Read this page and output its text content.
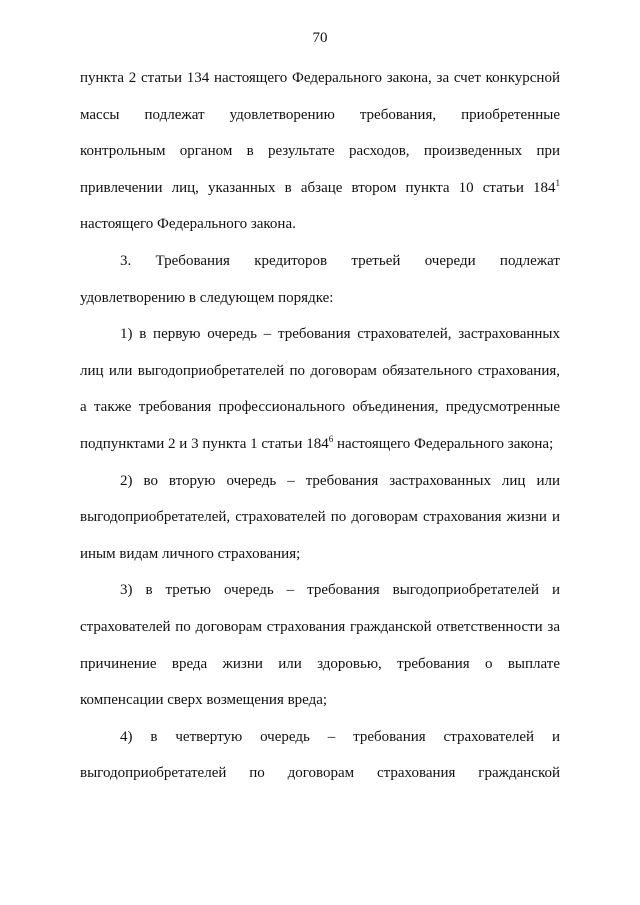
70

пункта 2 статьи 134 настоящего Федерального закона, за счет конкурсной массы подлежат удовлетворению требования, приобретенные контрольным органом в результате расходов, произведенных при привлечении лиц, указанных в абзаце втором пункта 10 статьи $184^1$ настоящего Федерального закона.

3. Требования кредиторов третьей очереди подлежат удовлетворению в следующем порядке:

1) в первую очередь – требования страхователей, застрахованных лиц или выгодоприобретателей по договорам обязательного страхования, а также требования профессионального объединения, предусмотренные подпунктами 2 и 3 пункта 1 статьи $184^6$ настоящего Федерального закона;

2) во вторую очередь – требования застрахованных лиц или выгодоприобретателей, страхователей по договорам страхования жизни и иным видам личного страхования;

3) в третью очередь – требования выгодоприобретателей и страхователей по договорам страхования гражданской ответственности за причинение вреда жизни или здоровью, требования о выплате компенсации сверх возмещения вреда;

4) в четвертую очередь – требования страхователей и выгодоприобретателей по договорам страхования гражданской
